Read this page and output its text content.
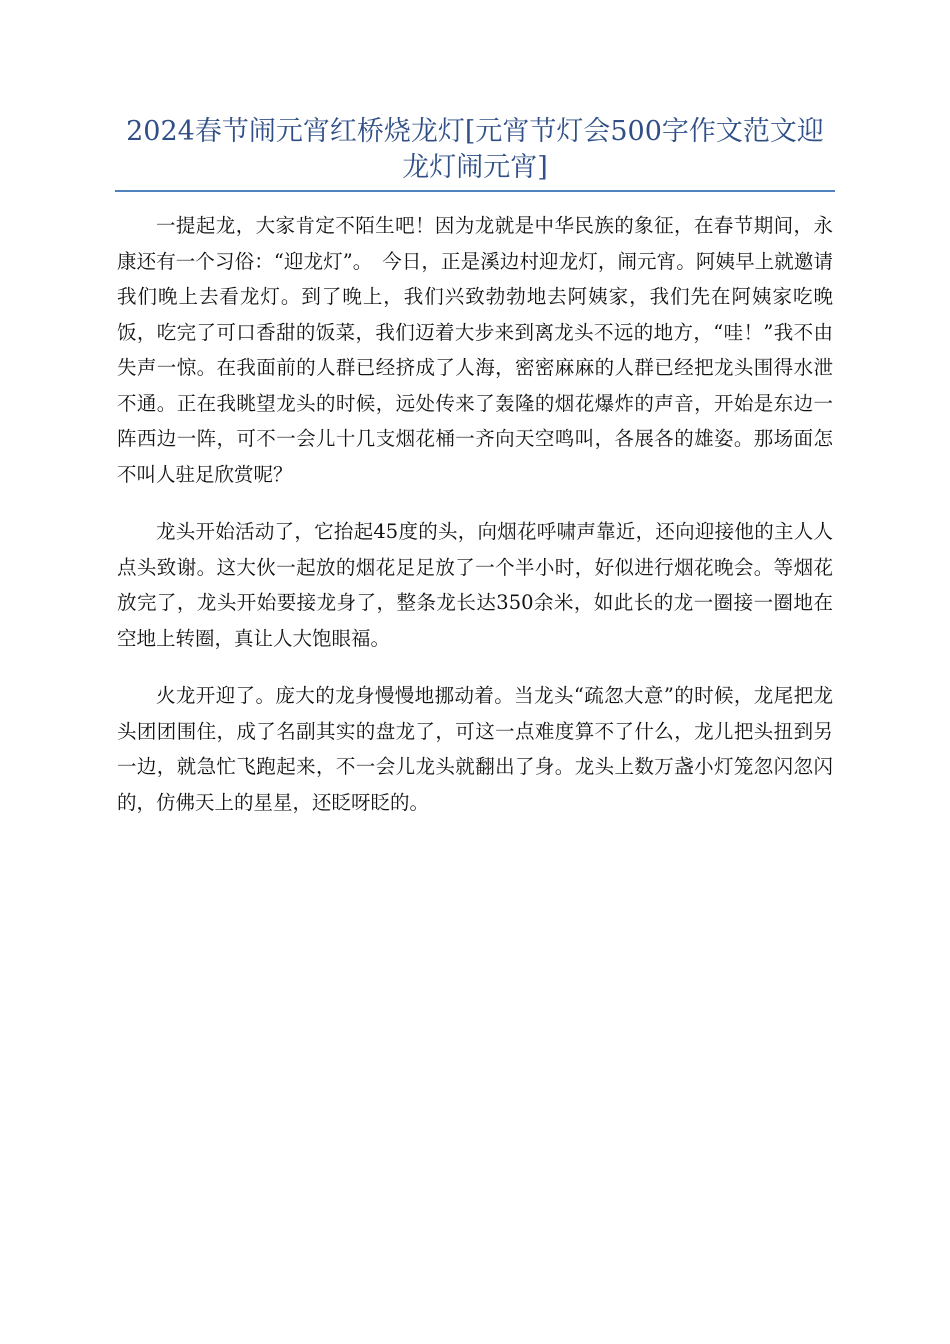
2024春节闹元宵红桥烧龙灯[元宵节灯会500字作文范文迎龙灯闹元宵]

一提起龙，大家肯定不陌生吧！因为龙就是中华民族的象征，在春节期间，永康还有一个习俗：“迎龙灯”。　今日，正是溪边村迎龙灯，闹元宵。阿姨早上就邀请我们晚上去看龙灯。到了晚上，我们兴致勃勃地去阿姨家，我们先在阿姨家吃晚饭，吃完了可口香甜的饭菜，我们迈着大步来到离龙头不远的地方，“哇！”我不由失声一惊。在我面前的人群已经挤成了人海，密密麻麻的人群已经把龙头围得水泄不通。正在我眺望龙头的时候，远处传来了轰隆的烟花爆炸的声音，开始是东边一阵西边一阵，可不一会儿十几支烟花桶一齐向天空鸣叫，各展各的雄姿。那场面怎不叫人驻足欣赏呢？

龙头开始活动了，它抬起45度的头，向烟花呼啸声靠近，还向迎接他的主人人点头致谢。这大伙一起放的烟花足足放了一个半小时，好似进行烟花晚会。等烟花放完了，龙头开始要接龙身了，整条龙长达350余米，如此长的龙一圈接一圈地在空地上转圈，真让人大饱眼福。

火龙开迎了。庞大的龙身慢慢地挪动着。当龙头“疏忽大意”的时候，龙尾把龙头团团围住，成了名副其实的盘龙了，可这一点难度算不了什么，龙儿把头扭到另一边，就急忙飞跑起来，不一会儿龙头就翻出了身。龙头上数万盏小灯笼忽闪忽闪的，仿佛天上的星星，还眨呀眨的。
